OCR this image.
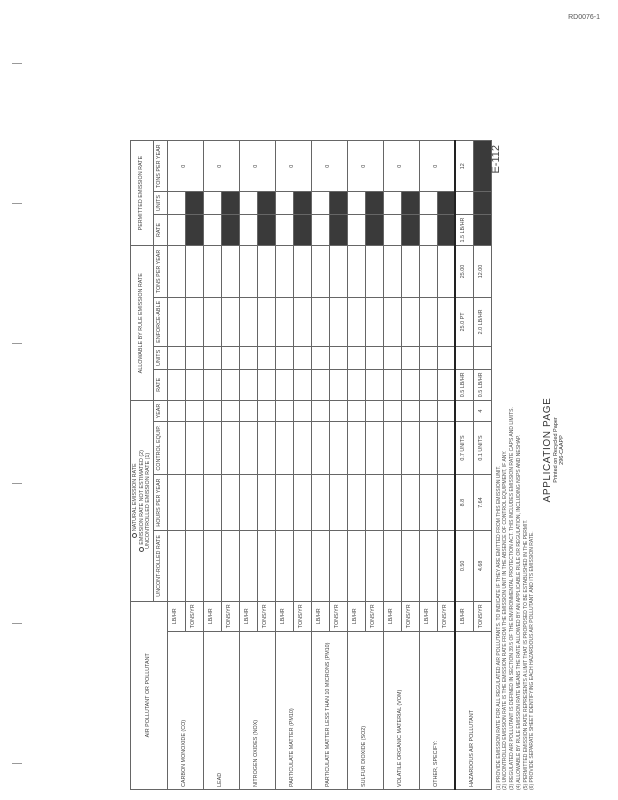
RD0076-1
AIR POLLUTANT OR POLLUTANT		NATURAL EMISSION RATE EMISSION RATE NOT ESTIMATED (2) UNCONTROLLED EMISSION RATE (1)				ALLOWABLE BY RULE EMISSION RATE				PERMITTED EMISSION RATE		
		UNCONT-ROLLED RATE	HOURS PER YEAR	CONTROL EQUIP.	YEAR	RATE	UNITS	ENFORCE-ABLE	TONS PER YEAR	RATE	UNITS	TONS PER YEAR
CARBON MONOXIDE (CO)	LB/HR											0
	TONS/YR											
LEAD	LB/HR											0
	TONS/YR											
NITROGEN OXIDES (NOX)	LB/HR											0
	TONS/YR											
PARTICULATE MATTER (PM10)	LB/HR											0
	TONS/YR											
PARTICULATE MATTER LESS THAN 10 MICRONS (PM10)	LB/HR											0
	TONS/YR											
SULFUR DIOXIDE (SO2)	LB/HR											0
	TONS/YR											
VOLATILE ORGANIC MATERIAL (VOM)	LB/HR											0
	TONS/YR											
OTHER, SPECIFY:	LB/HR											0
	TONS/YR											
HAZARDOUS AIR POLLUTANT	LB/HR	0.50	8.8	0.7 UNITS		0.5 LB/HR		25.0 PT	25.00	1.5 LB/HR		12
	TONS/YR	4.68	7.64	0.1 UNITS	4	0.5 LB/HR		2.0 LB/HR	12.00			
(1) PROVIDE EMISSION RATE FOR ALL REGULATED AIR POLLUTANTS. TO INDICATE IF THEY ARE EMITTED FROM THIS EMISSION UNIT. (2) UNCONTROLLED EMISSION RATE IS THE EMISSION RATE FROM THE EMISSION UNIT IN THE ABSENCE OF CONTROL EQUIPMENT, IF ANY. (3) REGULATED AIR POLLUTANT IS DEFINED IN SECTION 39.5 OF THE ENVIRONMENTAL PROTECTION ACT. THIS INCLUDES EMISSION RATE CAPS AND LIMITS. (4) ALLOWABLE BY RULE EMISSION RATE MEANS THE RATE ALLOWED BY AN APPLICABLE RULE OR REGULATION, INCLUDING NSPS AND NESHAP. (5) PERMITTED EMISSION RATE REPRESENTS A LIMIT THAT IS PROPOSED TO BE ESTABLISHED IN THE PERMIT. (6) PROVIDE SEPARATE SHEET IDENTIFYING EACH HAZARDOUS AIR POLLUTANT AND ITS EMISSION RATE.
APPLICATION PAGE Printed on Recycled Paper 296-CAAPP
E-112
